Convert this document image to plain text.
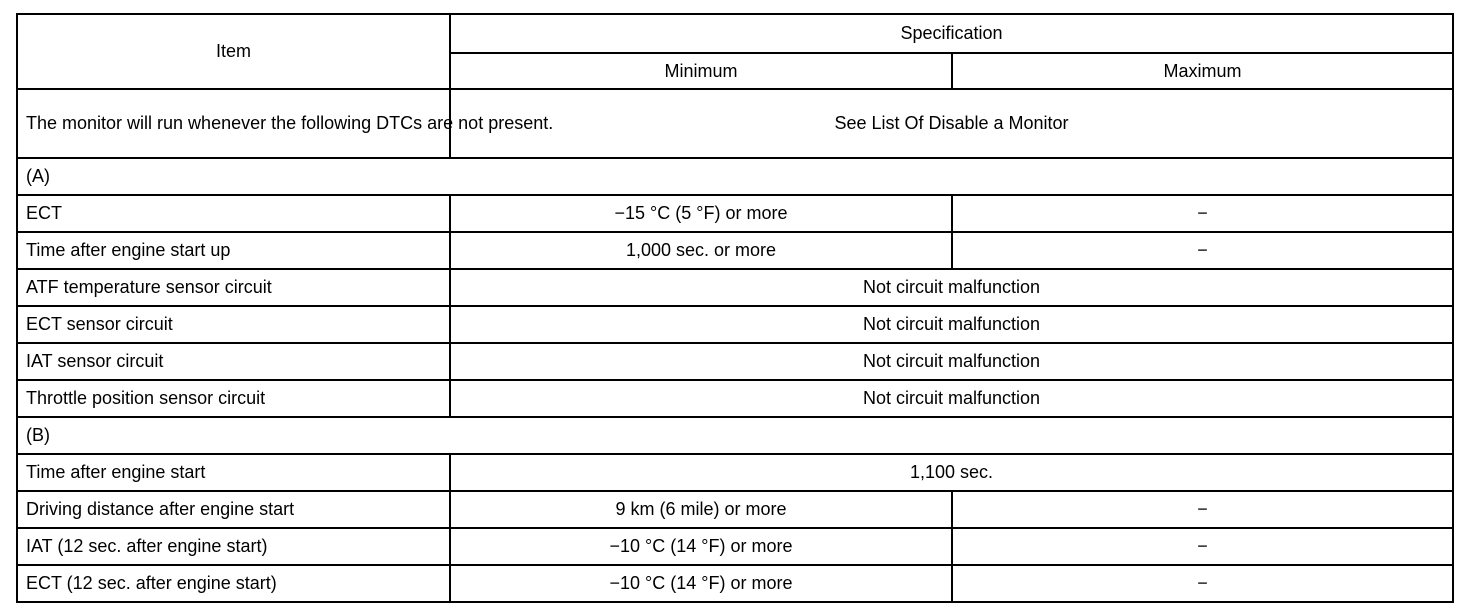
Item	Specification	
	Minimum	Maximum
The monitor will run whenever the following DTCs are not present.	See List Of Disable a Monitor	
(A)		
ECT	−15 °C (5 °F) or more	−
Time after engine start up	1,000 sec. or more	−
ATF temperature sensor circuit	Not circuit malfunction	
ECT sensor circuit	Not circuit malfunction	
IAT sensor circuit	Not circuit malfunction	
Throttle position sensor circuit	Not circuit malfunction	
(B)		
Time after engine start	1,100 sec.	
Driving distance after engine start	9 km (6 mile) or more	−
IAT (12 sec. after engine start)	−10 °C (14 °F) or more	−
ECT (12 sec. after engine start)	−10 °C (14 °F) or more	−
